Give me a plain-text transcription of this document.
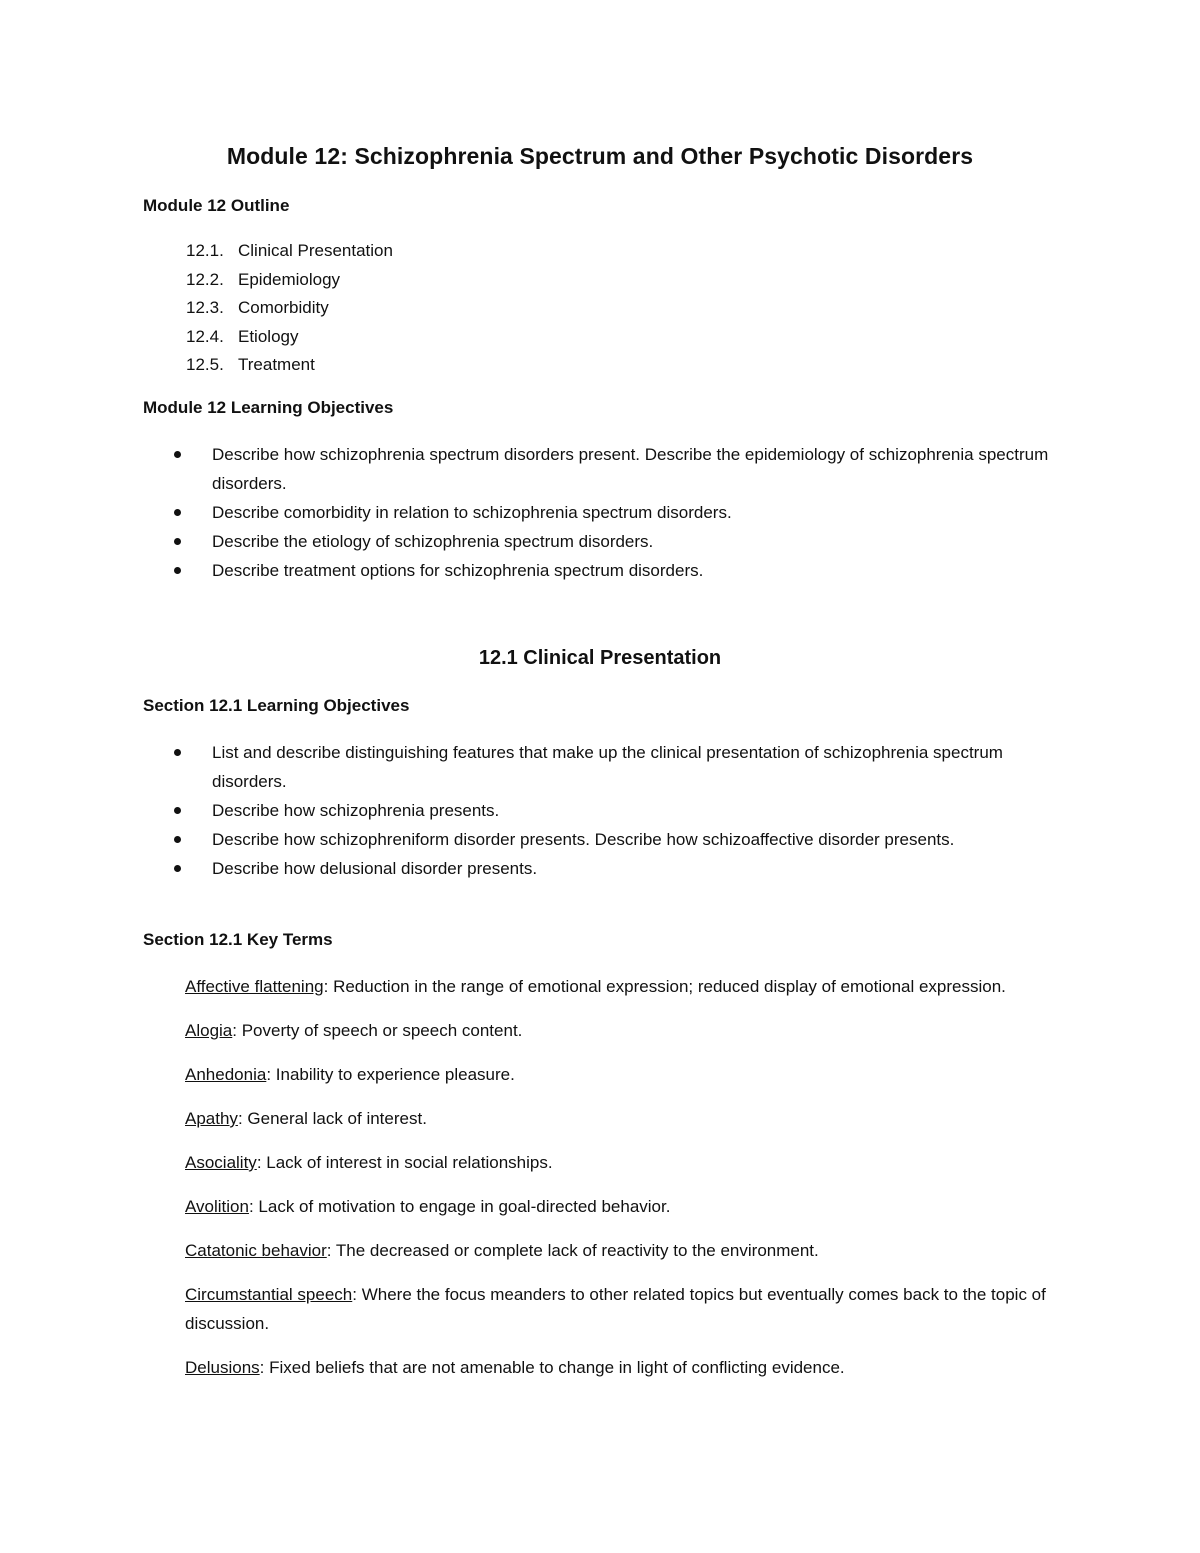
Module 12: Schizophrenia Spectrum and Other Psychotic Disorders
Module 12 Outline
12.1. Clinical Presentation
12.2. Epidemiology
12.3. Comorbidity
12.4. Etiology
12.5. Treatment
Module 12 Learning Objectives
Describe how schizophrenia spectrum disorders present. Describe the epidemiology of schizophrenia spectrum disorders.
Describe comorbidity in relation to schizophrenia spectrum disorders.
Describe the etiology of schizophrenia spectrum disorders.
Describe treatment options for schizophrenia spectrum disorders.
12.1 Clinical Presentation
Section 12.1 Learning Objectives
List and describe distinguishing features that make up the clinical presentation of schizophrenia spectrum disorders.
Describe how schizophrenia presents.
Describe how schizophreniform disorder presents. Describe how schizoaffective disorder presents.
Describe how delusional disorder presents.
Section 12.1 Key Terms

Affective flattening: Reduction in the range of emotional expression; reduced display of emotional expression.

Alogia: Poverty of speech or speech content.

Anhedonia: Inability to experience pleasure.

Apathy: General lack of interest.

Asociality: Lack of interest in social relationships.

Avolition: Lack of motivation to engage in goal-directed behavior.

Catatonic behavior: The decreased or complete lack of reactivity to the environment.

Circumstantial speech: Where the focus meanders to other related topics but eventually comes back to the topic of discussion.

Delusions: Fixed beliefs that are not amenable to change in light of conflicting evidence.
